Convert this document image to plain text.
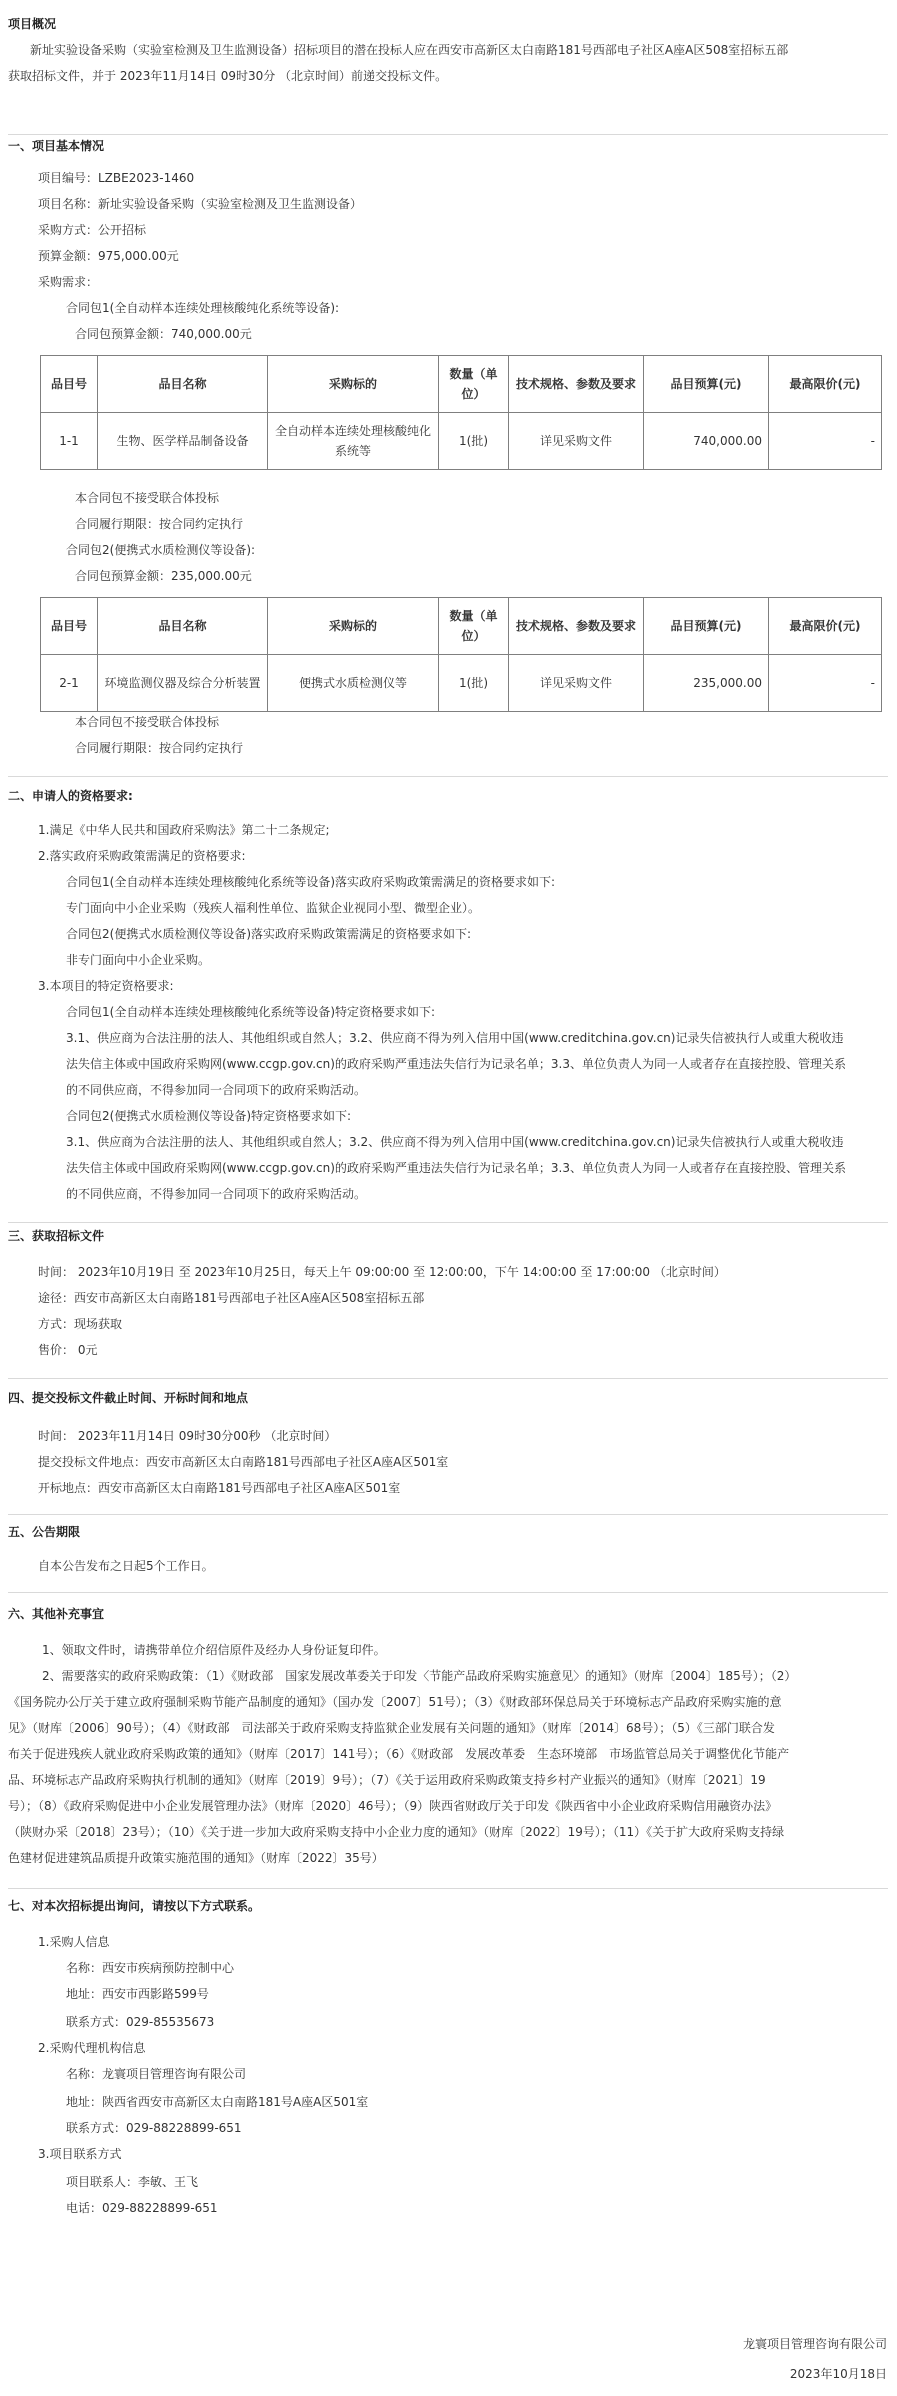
项目概况
新址实验设备采购（实验室检测及卫生监测设备）招标项目的潜在投标人应在西安市高新区太白南路181号西部电子社区A座A区508室招标五部
获取招标文件，并于 2023年11月14日 09时30分 （北京时间）前递交投标文件。
一、项目基本情况
项目编号：LZBE2023-1460
项目名称：新址实验设备采购（实验室检测及卫生监测设备）
采购方式：公开招标
预算金额：975,000.00元
采购需求：
合同包1(全自动样本连续处理核酸纯化系统等设备):
合同包预算金额：740,000.00元
品目号	品目名称	采购标的	数量（单位）	技术规格、参数及要求	品目预算(元)	最高限价(元)
1-1	生物、医学样品制备设备	全自动样本连续处理核酸纯化系统等	1(批)	详见采购文件	740,000.00	-
本合同包不接受联合体投标
合同履行期限：按合同约定执行
合同包2(便携式水质检测仪等设备):
合同包预算金额：235,000.00元
品目号	品目名称	采购标的	数量（单位）	技术规格、参数及要求	品目预算(元)	最高限价(元)
2-1	环境监测仪器及综合分析装置	便携式水质检测仪等	1(批)	详见采购文件	235,000.00	-
本合同包不接受联合体投标
合同履行期限：按合同约定执行
二、申请人的资格要求:
1.满足《中华人民共和国政府采购法》第二十二条规定;
2.落实政府采购政策需满足的资格要求:
合同包1(全自动样本连续处理核酸纯化系统等设备)落实政府采购政策需满足的资格要求如下:
专门面向中小企业采购（残疾人福利性单位、监狱企业视同小型、微型企业）。
合同包2(便携式水质检测仪等设备)落实政府采购政策需满足的资格要求如下:
非专门面向中小企业采购。
3.本项目的特定资格要求:
合同包1(全自动样本连续处理核酸纯化系统等设备)特定资格要求如下:
3.1、供应商为合法注册的法人、其他组织或自然人；3.2、供应商不得为列入信用中国(www.creditchina.gov.cn)记录失信被执行人或重大税收违
法失信主体或中国政府采购网(www.ccgp.gov.cn)的政府采购严重违法失信行为记录名单；3.3、单位负责人为同一人或者存在直接控股、管理关系
的不同供应商，不得参加同一合同项下的政府采购活动。
合同包2(便携式水质检测仪等设备)特定资格要求如下:
3.1、供应商为合法注册的法人、其他组织或自然人；3.2、供应商不得为列入信用中国(www.creditchina.gov.cn)记录失信被执行人或重大税收违
法失信主体或中国政府采购网(www.ccgp.gov.cn)的政府采购严重违法失信行为记录名单；3.3、单位负责人为同一人或者存在直接控股、管理关系
的不同供应商，不得参加同一合同项下的政府采购活动。
三、获取招标文件
时间： 2023年10月19日 至 2023年10月25日，每天上午 09:00:00 至 12:00:00，下午 14:00:00 至 17:00:00 （北京时间）
途径：西安市高新区太白南路181号西部电子社区A座A区508室招标五部
方式：现场获取
售价： 0元
四、提交投标文件截止时间、开标时间和地点
时间： 2023年11月14日 09时30分00秒 （北京时间）
提交投标文件地点：西安市高新区太白南路181号西部电子社区A座A区501室
开标地点：西安市高新区太白南路181号西部电子社区A座A区501室
五、公告期限
自本公告发布之日起5个工作日。
六、其他补充事宜
1、领取文件时，请携带单位介绍信原件及经办人身份证复印件。
2、需要落实的政府采购政策：（1）《财政部　国家发展改革委关于印发〈节能产品政府采购实施意见〉的通知》（财库〔2004〕185号）；（2）
《国务院办公厅关于建立政府强制采购节能产品制度的通知》（国办发〔2007〕51号）；（3）《财政部环保总局关于环境标志产品政府采购实施的意
见》（财库〔2006〕90号）；（4）《财政部　司法部关于政府采购支持监狱企业发展有关问题的通知》（财库〔2014〕68号）；（5）《三部门联合发
布关于促进残疾人就业政府采购政策的通知》（财库〔2017〕141号）；（6）《财政部　发展改革委　生态环境部　市场监管总局关于调整优化节能产
品、环境标志产品政府采购执行机制的通知》（财库〔2019〕9号）；（7）《关于运用政府采购政策支持乡村产业振兴的通知》（财库〔2021〕19
号）；（8）《政府采购促进中小企业发展管理办法》（财库〔2020〕46号）；（9）陕西省财政厅关于印发《陕西省中小企业政府采购信用融资办法》
（陕财办采〔2018〕23号）；（10）《关于进一步加大政府采购支持中小企业力度的通知》（财库〔2022〕19号）；（11）《关于扩大政府采购支持绿
色建材促进建筑品质提升政策实施范围的通知》（财库〔2022〕35号）
七、对本次招标提出询问，请按以下方式联系。
1.采购人信息
名称：西安市疾病预防控制中心
地址：西安市西影路599号
联系方式：029-85535673
2.采购代理机构信息
名称：龙寰项目管理咨询有限公司
地址：陕西省西安市高新区太白南路181号A座A区501室
联系方式：029-88228899-651
3.项目联系方式
项目联系人：李敏、王飞
电话：029-88228899-651
龙寰项目管理咨询有限公司
2023年10月18日
